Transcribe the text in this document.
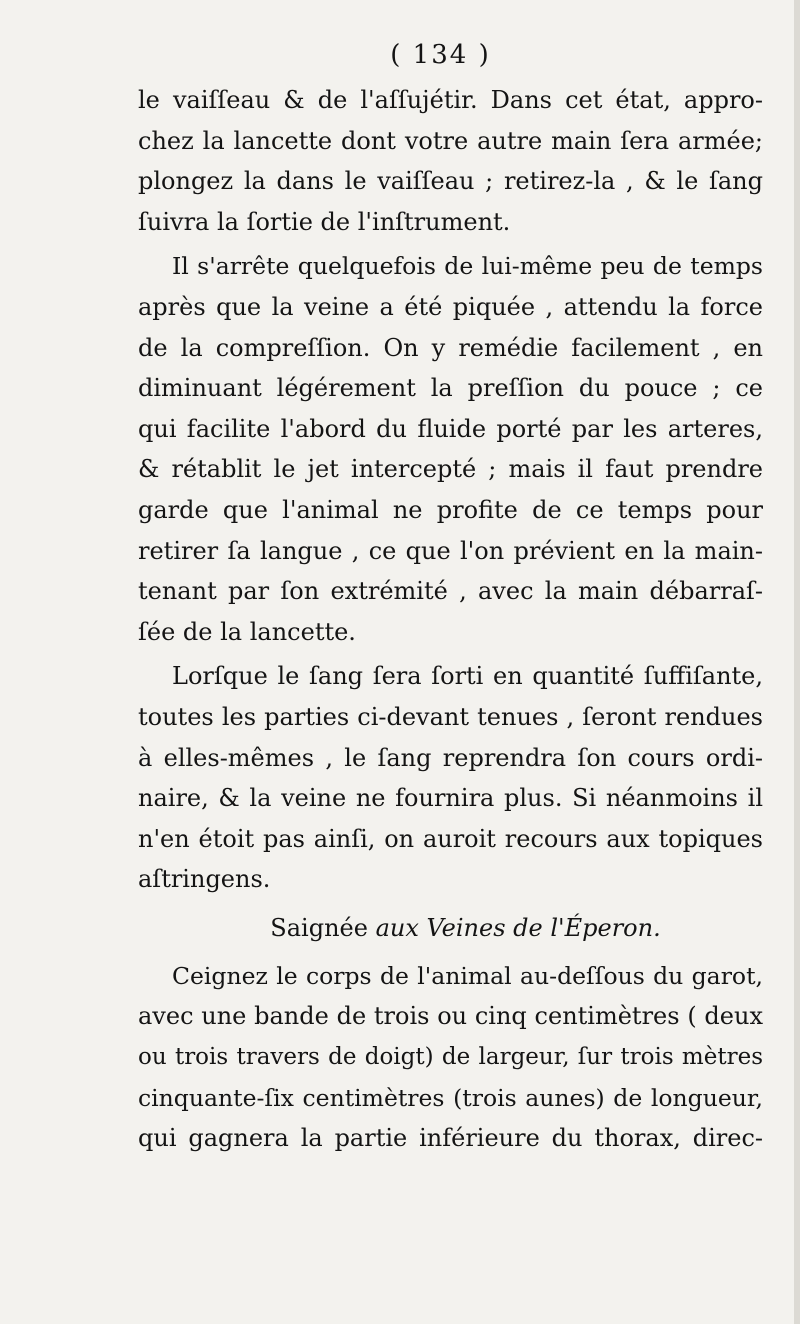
( 134 )
le vaiſſeau & de l'aſſujétir. Dans cet état, appro-
chez la lancette dont votre autre main ſera armée;
plongez la dans le vaiſſeau ; retirez-la , & le ſang
ſuivra la ſortie de l'inſtrument.
Il s'arrête quelquefois de lui-même peu de temps
après que la veine a été piquée , attendu la force
de la compreſſion. On y remédie facilement , en
diminuant légérement la preſſion du pouce ; ce
qui facilite l'abord du fluide porté par les arteres,
& rétablit le jet intercepté ; mais il faut prendre
garde que l'animal ne profite de ce temps pour
retirer ſa langue , ce que l'on prévient en la main-
tenant par ſon extrémité , avec la main débarraſ-
ſée de la lancette.
Lorſque le ſang ſera ſorti en quantité ſuffiſante,
toutes les parties ci-devant tenues , ſeront rendues
à elles-mêmes , le ſang reprendra ſon cours ordi-
naire, & la veine ne fournira plus. Si néanmoins il
n'en étoit pas ainſi, on auroit recours aux topiques
aſtringens.
Saignée aux Veines de l'Éperon.
Ceignez le corps de l'animal au-deſſous du garot,
avec une bande de trois ou cinq centimètres ( deux
ou trois travers de doigt) de largeur, ſur trois mètres
cinquante-ſix centimètres (trois aunes) de longueur,
qui gagnera la partie inférieure du thorax, direc-
